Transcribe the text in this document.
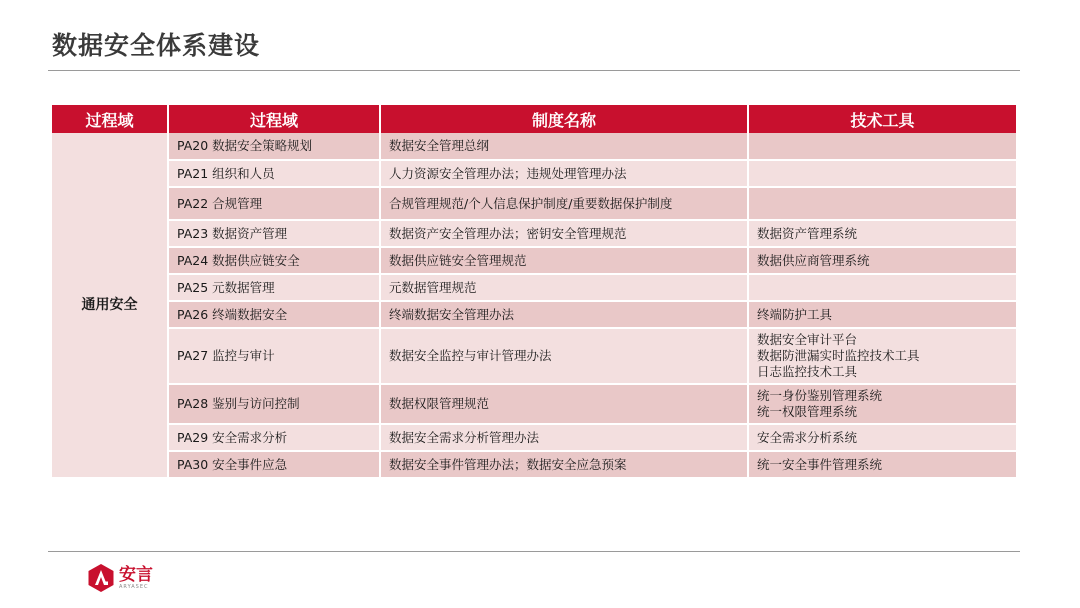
数据安全体系建设
过程域	过程域	制度名称	技术工具
通用安全	PA20 数据安全策略规划	数据安全管理总纲	
	PA21 组织和人员	人力资源安全管理办法；违规处理管理办法	
	PA22 合规管理	合规管理规范/个人信息保护制度/重要数据保护制度	
	PA23 数据资产管理	数据资产安全管理办法；密钥安全管理规范	数据资产管理系统

	PA24 数据供应链安全	数据供应链安全管理规范	数据供应商管理系统

	PA25 元数据管理	元数据管理规范	
	PA26 终端数据安全	终端数据安全管理办法	终端防护工具

	PA27 监控与审计	数据安全监控与审计管理办法	数据安全审计平台
数据防泄漏实时监控技术工具
日志监控技术工具

	PA28 鉴别与访问控制	数据权限管理规范	统一身份鉴别管理系统
统一权限管理系统

	PA29 安全需求分析	数据安全需求分析管理办法	安全需求分析系统

	PA30 安全事件应急	数据安全事件管理办法；数据安全应急预案	统一安全事件管理系统
安言
ARYASEC
